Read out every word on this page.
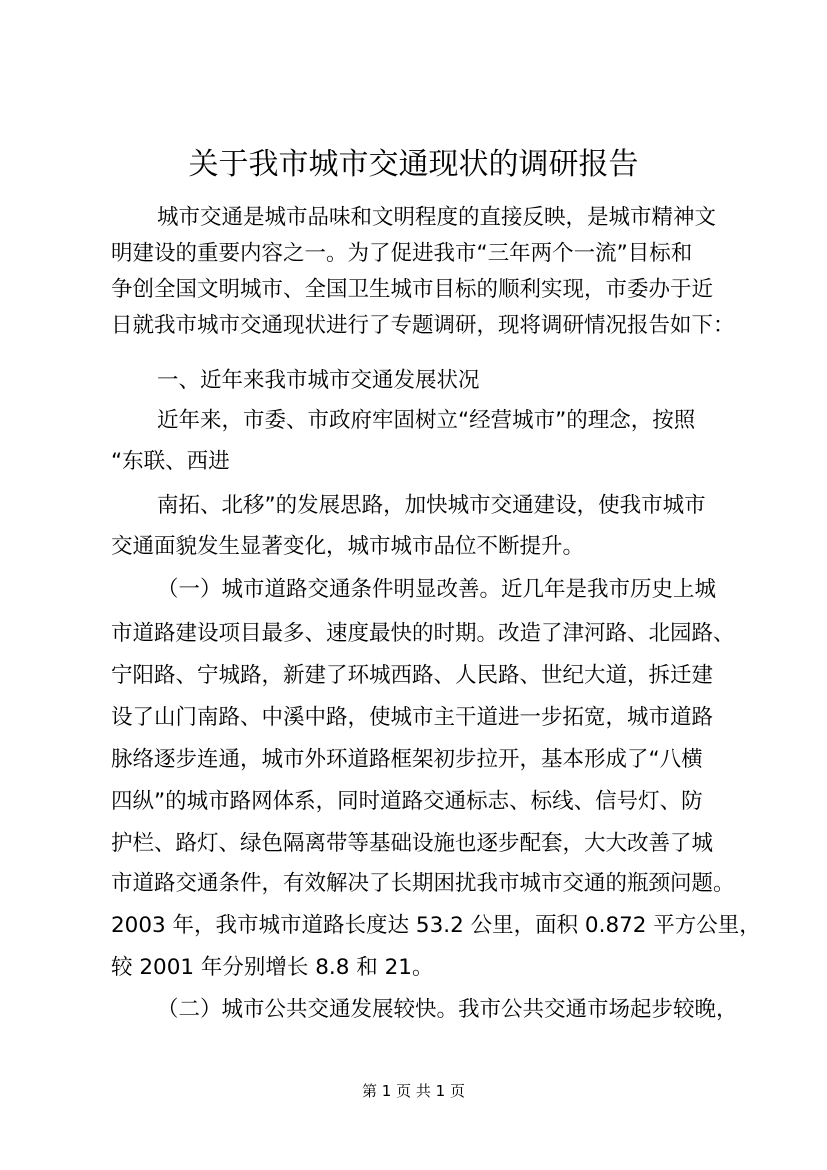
关于我市城市交通现状的调研报告
城市交通是城市品味和文明程度的直接反映，是城市精神文
明建设的重要内容之一。为了促进我市“三年两个一流”目标和
争创全国文明城市、全国卫生城市目标的顺利实现，市委办于近
日就我市城市交通现状进行了专题调研，现将调研情况报告如下：
一、近年来我市城市交通发展状况
近年来，市委、市政府牢固树立“经营城市”的理念，按照
“东联、西进
南拓、北移”的发展思路，加快城市交通建设，使我市城市
交通面貌发生显著变化，城市城市品位不断提升。
（一）城市道路交通条件明显改善。近几年是我市历史上城
市道路建设项目最多、速度最快的时期。改造了津河路、北园路、
宁阳路、宁城路，新建了环城西路、人民路、世纪大道，拆迁建
设了山门南路、中溪中路，使城市主干道进一步拓宽，城市道路
脉络逐步连通，城市外环道路框架初步拉开，基本形成了“八横
四纵”的城市路网体系，同时道路交通标志、标线、信号灯、防
护栏、路灯、绿色隔离带等基础设施也逐步配套，大大改善了城
市道路交通条件，有效解决了长期困扰我市城市交通的瓶颈问题。
2003 年，我市城市道路长度达 53.2 公里，面积 0.872 平方公里，
较 2001 年分别增长 8.8 和 21。
（二）城市公共交通发展较快。我市公共交通市场起步较晚，
第 1 页 共 1 页
